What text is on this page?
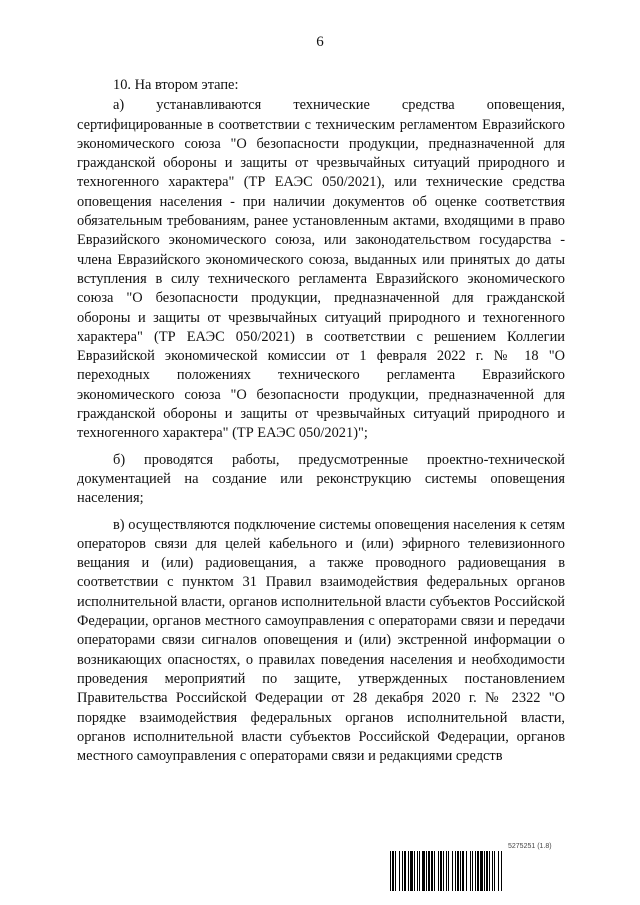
6

10. На втором этапе:

а) устанавливаются технические средства оповещения, сертифицированные в соответствии с техническим регламентом Евразийского экономического союза "О безопасности продукции, предназначенной для гражданской обороны и защиты от чрезвычайных ситуаций природного и техногенного характера" (ТР ЕАЭС 050/2021), или технические средства оповещения населения - при наличии документов об оценке соответствия обязательным требованиям, ранее установленным актами, входящими в право Евразийского экономического союза, или законодательством государства - члена Евразийского экономического союза, выданных или принятых до даты вступления в силу технического регламента Евразийского экономического союза "О безопасности продукции, предназначенной для гражданской обороны и защиты от чрезвычайных ситуаций природного и техногенного характера" (ТР ЕАЭС 050/2021) в соответствии с решением Коллегии Евразийской экономической комиссии от 1 февраля 2022 г. № 18 "О переходных положениях технического регламента Евразийского экономического союза "О безопасности продукции, предназначенной для гражданской обороны и защиты от чрезвычайных ситуаций природного и техногенного характера" (ТР ЕАЭС 050/2021)";

б) проводятся работы, предусмотренные проектно-технической документацией на создание или реконструкцию системы оповещения населения;

в) осуществляются подключение системы оповещения населения к сетям операторов связи для целей кабельного и (или) эфирного телевизионного вещания и (или) радиовещания, а также проводного радиовещания в соответствии с пунктом 31 Правил взаимодействия федеральных органов исполнительной власти, органов исполнительной власти субъектов Российской Федерации, органов местного самоуправления с операторами связи и передачи операторами связи сигналов оповещения и (или) экстренной информации о возникающих опасностях, о правилах поведения населения и необходимости проведения мероприятий по защите, утвержденных постановлением Правительства Российской Федерации от 28 декабря 2020 г. № 2322 "О порядке взаимодействия федеральных органов исполнительной власти, органов исполнительной власти субъектов Российской Федерации, органов местного самоуправления с операторами связи и редакциями средств

5275251 (1.8)
